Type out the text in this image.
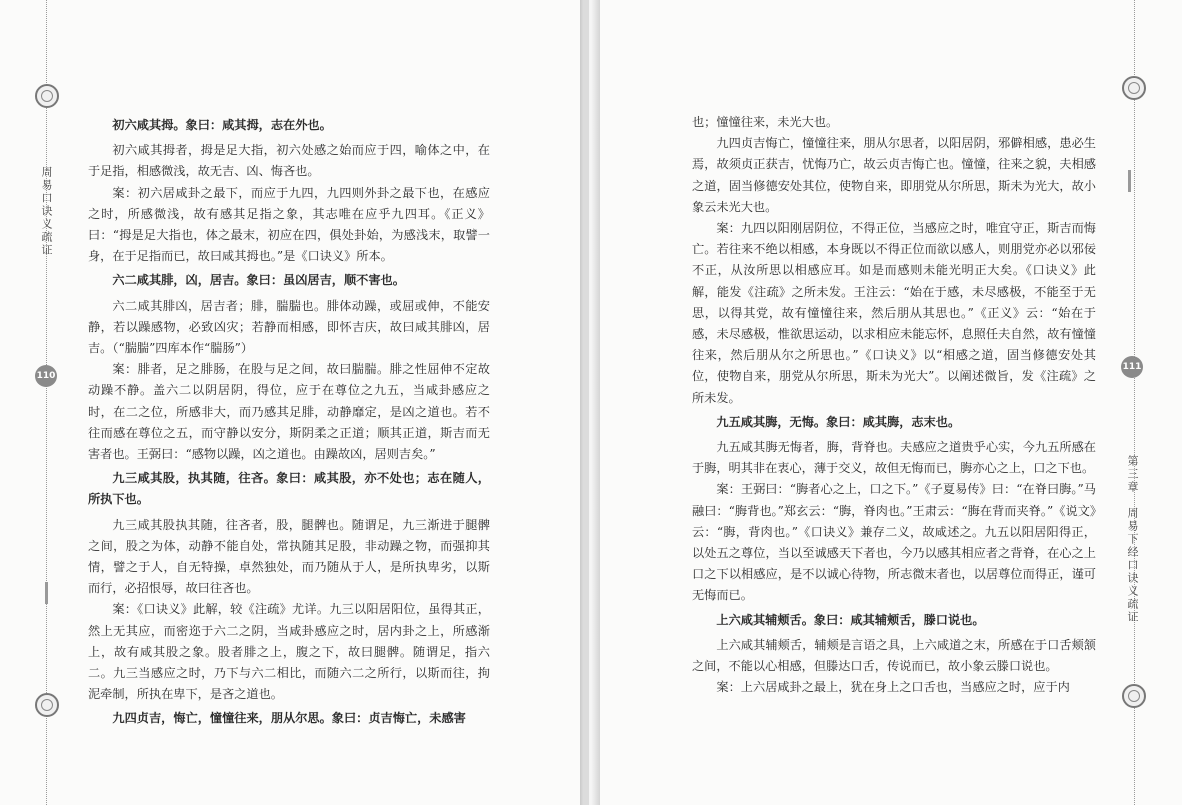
周易口诀义疏证
110

初六咸其拇。象曰：咸其拇，志在外也。

初六咸其拇者，拇是足大指，初六处感之始而应于四，喻体之中，在于足指，相感微浅，故无吉、凶、悔吝也。

案：初六居咸卦之最下，而应于九四，九四则外卦之最下也，在感应之时，所感微浅，故有感其足指之象，其志唯在应乎九四耳。《正义》曰：“拇是足大指也，体之最末，初应在四，俱处卦始，为感浅末，取譬一身，在于足指而已，故曰咸其拇也。”是《口诀义》所本。

六二咸其腓，凶，居吉。象曰：虽凶居吉，顺不害也。

六二咸其腓凶，居吉者；腓，腨腨也。腓体动躁，或屈或伸，不能安静，若以躁感物，必致凶灾；若静而相感，即怀吉庆，故曰咸其腓凶，居吉。（“腨腨”四库本作“腨肠”）

案：腓者，足之腓肠，在股与足之间，故曰腨腨。腓之性屈伸不定故动躁不静。盖六二以阴居阴，得位，应于在尊位之九五，当咸卦感应之时，在二之位，所感非大，而乃感其足腓，动静靡定，是凶之道也。若不往而感在尊位之五，而守静以安分，斯阴柔之正道；顺其正道，斯吉而无害者也。王弼曰：“感物以躁，凶之道也。由躁故凶，居则吉矣。”

九三咸其股，执其随，往吝。象曰：咸其股，亦不处也；志在随人，所执下也。

九三咸其股执其随，往吝者，股，腿髀也。随谓足，九三渐进于腿髀之间，股之为体，动静不能自处，常执随其足股，非动躁之物，而强抑其情，譬之于人，自无特操，卓然独处，而乃随从于人，是所执卑劣，以斯而行，必招恨辱，故曰往吝也。

案：《口诀义》此解，较《注疏》尤详。九三以阳居阳位，虽得其正，然上无其应，而密迩于六二之阴，当咸卦感应之时，居内卦之上，所感渐上，故有咸其股之象。股者腓之上，腹之下，故曰腿髀。随谓足，指六二。九三当感应之时，乃下与六二相比，而随六二之所行，以斯而往，拘泥牵制，所执在卑下，是吝之道也。

九四贞吉，悔亡，憧憧往来，朋从尔思。象曰：贞吉悔亡，未感害

111
第三章　周易下经口诀义疏证

也；憧憧往来，未光大也。

九四贞吉悔亡，憧憧往来，朋从尔思者，以阳居阴，邪僻相感，患必生焉，故须贞正获吉，忧悔乃亡，故云贞吉悔亡也。憧憧，往来之貌，夫相感之道，固当修德安处其位，使物自来，即朋党从尔所思，斯未为光大，故小象云未光大也。

案：九四以阳刚居阴位，不得正位，当感应之时，唯宜守正，斯吉而悔亡。若往来不绝以相感，本身既以不得正位而欲以感人，则朋党亦必以邪佞不正，从汝所思以相感应耳。如是而感则未能光明正大矣。《口诀义》此解，能发《注疏》之所未发。王注云：“始在于感，未尽感极，不能至于无思，以得其党，故有憧憧往来，然后朋从其思也。”《正义》云：“始在于感，未尽感极，惟欲思运动，以求相应未能忘怀，息照任夫自然，故有憧憧往来，然后朋从尔之所思也。”《口诀义》以“相感之道，固当修德安处其位，使物自来，朋党从尔所思，斯未为光大”。以阐述微旨，发《注疏》之所未发。

九五咸其脢，无悔。象曰：咸其脢，志末也。

九五咸其脢无悔者，脢，背脊也。夫感应之道贵乎心实，今九五所感在于脢，明其非在衷心，薄于交义，故但无悔而已，脢亦心之上，口之下也。

案：王弼曰：“脢者心之上，口之下。”《子夏易传》曰：“在脊曰脢。”马融曰：“脢背也。”郑玄云：“脢，脊肉也。”王肃云：“脢在背而夹脊。”《说文》云：“脢，背肉也。”《口诀义》兼存二义，故咸述之。九五以阳居阳得正，以处五之尊位，当以至诚感天下者也，今乃以感其相应者之背脊，在心之上口之下以相感应，是不以诚心待物，所志微末者也，以居尊位而得正，谨可无悔而已。

上六咸其辅颊舌。象曰：咸其辅颊舌，滕口说也。

上六咸其辅颊舌，辅颊是言语之具，上六咸道之末，所感在于口舌颊颔之间，不能以心相感，但滕达口舌，传说而已，故小象云滕口说也。

案：上六居咸卦之最上，犹在身上之口舌也，当感应之时，应于内
